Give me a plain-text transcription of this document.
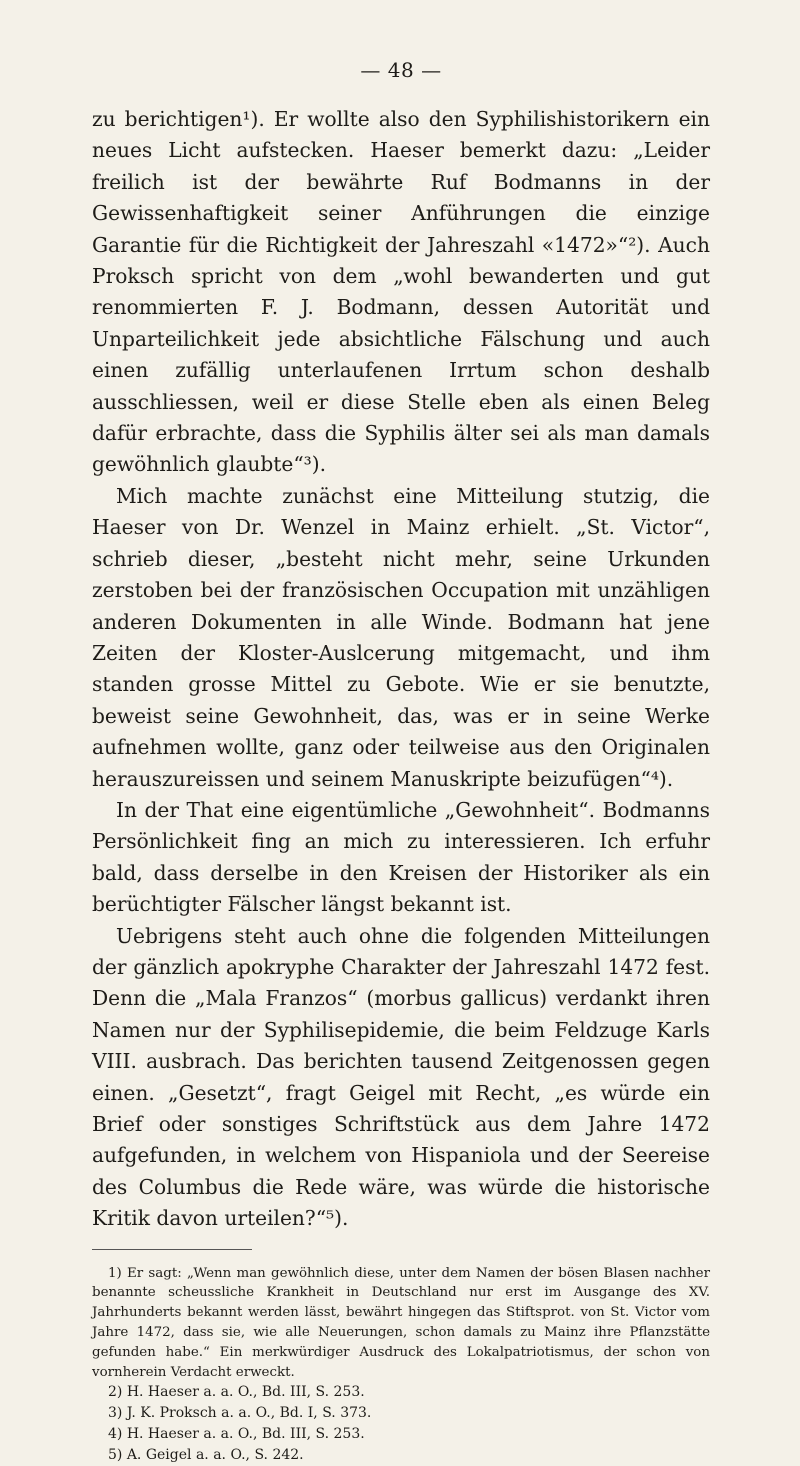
— 48 —

zu berichtigen¹). Er wollte also den Syphilishistorikern ein neues Licht aufstecken. Haeser bemerkt dazu: „Leider freilich ist der bewährte Ruf Bodmanns in der Gewissenhaftigkeit seiner Anführungen die einzige Garantie für die Richtigkeit der Jahreszahl «1472»“²). Auch Proksch spricht von dem „wohl bewanderten und gut renommierten F. J. Bodmann, dessen Autorität und Unparteilichkeit jede absichtliche Fälschung und auch einen zufällig unterlaufenen Irrtum schon deshalb ausschliessen, weil er diese Stelle eben als einen Beleg dafür erbrachte, dass die Syphilis älter sei als man damals gewöhnlich glaubte“³).

Mich machte zunächst eine Mitteilung stutzig, die Haeser von Dr. Wenzel in Mainz erhielt. „St. Victor“, schrieb dieser, „besteht nicht mehr, seine Urkunden zerstoben bei der französischen Occupation mit unzähligen anderen Dokumenten in alle Winde. Bodmann hat jene Zeiten der Kloster-Auslcerung mitgemacht, und ihm standen grosse Mittel zu Gebote. Wie er sie benutzte, beweist seine Gewohnheit, das, was er in seine Werke aufnehmen wollte, ganz oder teilweise aus den Originalen herauszureissen und seinem Manuskripte beizufügen“⁴).

In der That eine eigentümliche „Gewohnheit“. Bodmanns Persönlichkeit fing an mich zu interessieren. Ich erfuhr bald, dass derselbe in den Kreisen der Historiker als ein berüchtigter Fälscher längst bekannt ist.

Uebrigens steht auch ohne die folgenden Mitteilungen der gänzlich apokryphe Charakter der Jahreszahl 1472 fest. Denn die „Mala Franzos“ (morbus gallicus) verdankt ihren Namen nur der Syphilisepidemie, die beim Feldzuge Karls VIII. ausbrach. Das berichten tausend Zeitgenossen gegen einen. „Gesetzt“, fragt Geigel mit Recht, „es würde ein Brief oder sonstiges Schriftstück aus dem Jahre 1472 aufgefunden, in welchem von Hispaniola und der Seereise des Columbus die Rede wäre, was würde die historische Kritik davon urteilen?“⁵).

1) Er sagt: „Wenn man gewöhnlich diese, unter dem Namen der bösen Blasen nachher benannte scheussliche Krankheit in Deutschland nur erst im Ausgange des XV. Jahrhunderts bekannt werden lässt, bewährt hingegen das Stiftsprot. von St. Victor vom Jahre 1472, dass sie, wie alle Neuerungen, schon damals zu Mainz ihre Pflanzstätte gefunden habe.“ Ein merkwürdiger Ausdruck des Lokalpatriotismus, der schon von vornherein Verdacht erweckt.

2) H. Haeser a. a. O., Bd. III, S. 253.

3) J. K. Proksch a. a. O., Bd. I, S. 373.

4) H. Haeser a. a. O., Bd. III, S. 253.

5) A. Geigel a. a. O., S. 242.
